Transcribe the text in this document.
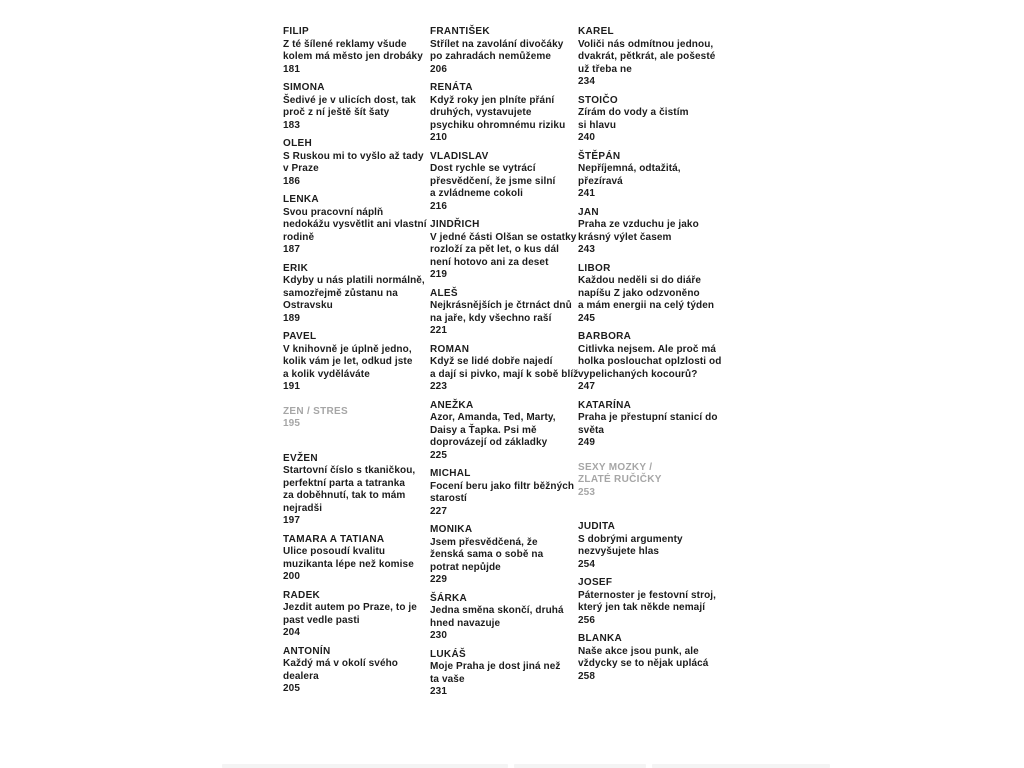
FILIP
Z té šílené reklamy všude
kolem má město jen drobáky
181
SIMONA
Šedivé je v ulicích dost, tak
proč z ní ještě šít šaty
183
OLEH
S Ruskou mi to vyšlo až tady
v Praze
186
LENKA
Svou pracovní náplň
nedokážu vysvětlit ani vlastní
rodině
187
ERIK
Kdyby u nás platili normálně,
samozřejmě zůstanu na
Ostravsku
189
PAVEL
V knihovně je úplně jedno,
kolik vám je let, odkud jste
a kolik vyděláváte
191
ZEN / STRES
195
EVŽEN
Startovní číslo s tkaničkou,
perfektní parta a tatranka
za doběhnutí, tak to mám
nejradši
197
TAMARA A TATIANA
Ulice posoudí kvalitu
muzikanta lépe než komise
200
RADEK
Jezdit autem po Praze, to je
past vedle pasti
204
ANTONÍN
Každý má v okolí svého
dealera
205
FRANTIŠEK
Střílet na zavolání divočáky
po zahradách nemůžeme
206
RENÁTA
Když roky jen plníte přání
druhých, vystavujete
psychiku ohromnému riziku
210
VLADISLAV
Dost rychle se vytrácí
přesvědčení, že jsme silní
a zvládneme cokoli
216
JINDŘICH
V jedné části Olšan se ostatky
rozloží za pět let, o kus dál
není hotovo ani za deset
219
ALEŠ
Nejkrásnějších je čtrnáct dnů
na jaře, kdy všechno raší
221
ROMAN
Když se lidé dobře najedí
a dají si pivko, mají k sobě blíž
223
ANEŽKA
Azor, Amanda, Ted, Marty,
Daisy a Ťapka. Psi mě
doprovázejí od základky
225
MICHAL
Focení beru jako filtr běžných
starostí
227
MONIKA
Jsem přesvědčená, že
ženská sama o sobě na
potrat nepůjde
229
ŠÁRKA
Jedna směna skončí, druhá
hned navazuje
230
LUKÁŠ
Moje Praha je dost jiná než
ta vaše
231
KAREL
Voliči nás odmítnou jednou,
dvakrát, pětkrát, ale pošesté
už třeba ne
234
STOIČO
Zírám do vody a čistím
si hlavu
240
ŠTĚPÁN
Nepříjemná, odtažitá,
přezíravá
241
JAN
Praha ze vzduchu je jako
krásný výlet časem
243
LIBOR
Každou neděli si do diáře
napíšu Z jako odzvoněno
a mám energii na celý týden
245
BARBORA
Citlivka nejsem. Ale proč má
holka poslouchat oplzlosti od
vypelichaných kocourů?
247
KATARÍNA
Praha je přestupní stanicí do
světa
249
SEXY MOZKY /
ZLATÉ RUČIČKY
253
JUDITA
S dobrými argumenty
nezvyšujete hlas
254
JOSEF
Páternoster je festovní stroj,
který jen tak někde nemají
256
BLANKA
Naše akce jsou punk, ale
vždycky se to nějak uplácá
258
